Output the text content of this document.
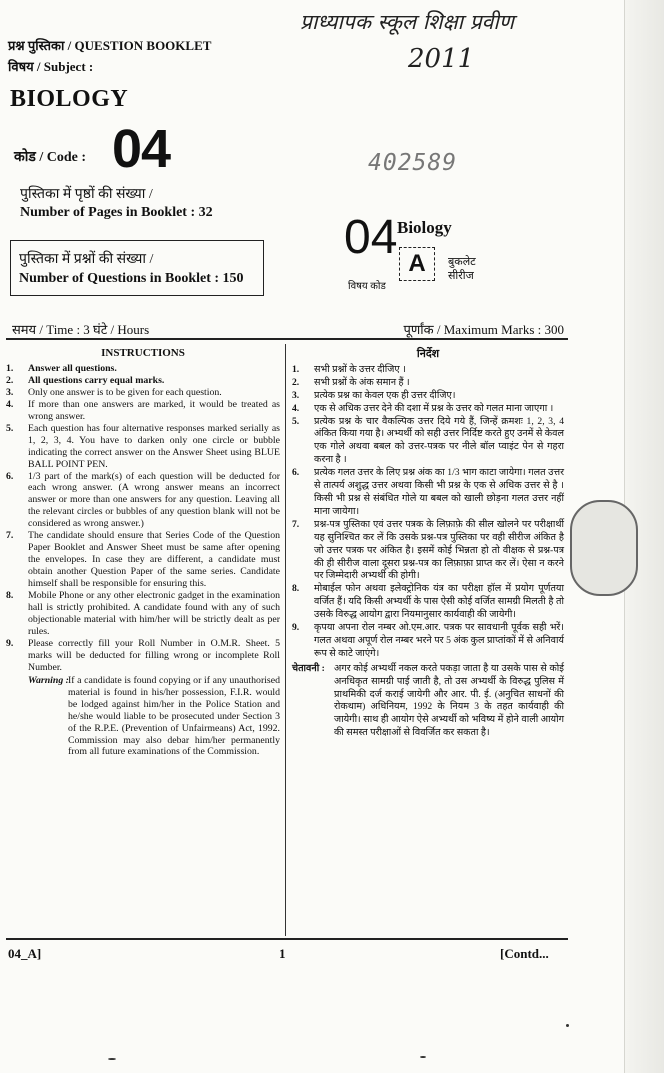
प्राध्यापक स्कूल शिक्षा प्रवीण
2011
प्रश्न पुस्तिका / QUESTION BOOKLET
विषय / Subject :
BIOLOGY
कोड / Code : 04	402589
पुस्तिका में पृष्ठों की संख्या /
Number of Pages in Booklet : 32
पुस्तिका में प्रश्नों की संख्या /
Number of Questions in Booklet : 150
04 Biology
A
विषय कोड
बुकलेट
सीरीज
समय / Time : 3 घंटे / Hours	पूर्णांक / Maximum Marks : 300
INSTRUCTIONS
1. Answer all questions.
2. All questions carry equal marks.
3. Only one answer is to be given for each question.
4. If more than one answers are marked, it would be treated as wrong answer.
5. Each question has four alternative responses marked serially as 1, 2, 3, 4. You have to darken only one circle or bubble indicating the correct answer on the Answer Sheet using BLUE BALL POINT PEN.
6. 1/3 part of the mark(s) of each question will be deducted for each wrong answer. (A wrong answer means an incorrect answer or more than one answers for any question. Leaving all the relevant circles or bubbles of any question blank will not be considered as wrong answer.)
7. The candidate should ensure that Series Code of the Question Paper Booklet and Answer Sheet must be same after opening the envelopes. In case they are different, a candidate must obtain another Question Paper of the same series. Candidate himself shall be responsible for ensuring this.
8. Mobile Phone or any other electronic gadget in the examination hall is strictly prohibited. A candidate found with any of such objectionable material with him/her will be strictly dealt as per rules.
9. Please correctly fill your Roll Number in O.M.R. Sheet. 5 marks will be deducted for filling wrong or incomplete Roll Number.
Warning : If a candidate is found copying or if any unauthorised material is found in his/her possession, F.I.R. would be lodged against him/her in the Police Station and he/she would liable to be prosecuted under Section 3 of the R.P.E. (Prevention of Unfairmeans) Act, 1992. Commission may also debar him/her permanently from all future examinations of the Commission.
निर्देश
1. सभी प्रश्नों के उत्तर दीजिए ।
2. सभी प्रश्नों के अंक समान हैं ।
3. प्रत्येक प्रश्न का केवल एक ही उत्तर दीजिए।
4. एक से अधिक उत्तर देने की दशा में प्रश्न के उत्तर को गलत माना जाएगा ।
5. प्रत्येक प्रश्न के चार वैकल्पिक उत्तर दिये गये हैं, जिन्हें क्रमशः 1, 2, 3, 4 अंकित किया गया है। अभ्यर्थी को सही उत्तर निर्दिष्ट करते हुए उनमें से केवल एक गोले अथवा बबल को उत्तर-पत्रक पर नीले बॉल प्वाइंट पेन से गहरा करना है ।
6. प्रत्येक गलत उत्तर के लिए प्रश्न अंक का 1/3 भाग काटा जायेगा। गलत उत्तर से तात्पर्य अशुद्ध उत्तर अथवा किसी भी प्रश्न के एक से अधिक उत्तर से है । किसी भी प्रश्न से संबंधित गोले या बबल को खाली छोड़ना गलत उत्तर नहीं माना जायेगा।
7. प्रश्न-पत्र पुस्तिका एवं उत्तर पत्रक के लिफ़ाफ़े की सील खोलने पर परीक्षार्थी यह सुनिश्चित कर लें कि उसके प्रश्न-पत्र पुस्तिका पर वही सीरीज अंकित है जो उत्तर पत्रक पर अंकित है। इसमें कोई भिन्नता हो तो वीक्षक से प्रश्न-पत्र की ही सीरीज वाला दूसरा प्रश्न-पत्र का लिफ़ाफ़ा प्राप्त कर लें। ऐसा न करने पर जिम्मेदारी अभ्यर्थी की होगी।
8. मोबाईल फोन अथवा इलेक्ट्रोनिक यंत्र का परीक्षा हॉल में प्रयोग पूर्णतया वर्जित हैं। यदि किसी अभ्यर्थी के पास ऐसी कोई वर्जित सामग्री मिलती है तो उसके विरुद्ध आयोग द्वारा नियमानुसार कार्यवाही की जायेगी।
9. कृपया अपना रोल नम्बर ओ.एम.आर. पत्रक पर सावधानी पूर्वक सही भरें। गलत अथवा अपूर्ण रोल नम्बर भरने पर 5 अंक कुल प्राप्तांकों में से अनिवार्य रूप से काटे जाएंगे।
चेतावनी : अगर कोई अभ्यर्थी नकल करते पकड़ा जाता है या उसके पास से कोई अनधिकृत सामग्री पाई जाती है, तो उस अभ्यर्थी के विरुद्ध पुलिस में प्राथमिकी दर्ज कराई जायेगी और आर. पी. ई. (अनुचित साधनों की रोकथाम) अधिनियम, 1992 के नियम 3 के तहत कार्यवाही की जायेगी। साथ ही आयोग ऐसे अभ्यर्थी को भविष्य में होने वाली आयोग की समस्त परीक्षाओं से विवर्जित कर सकता है।
04_A]	1	[Contd...
